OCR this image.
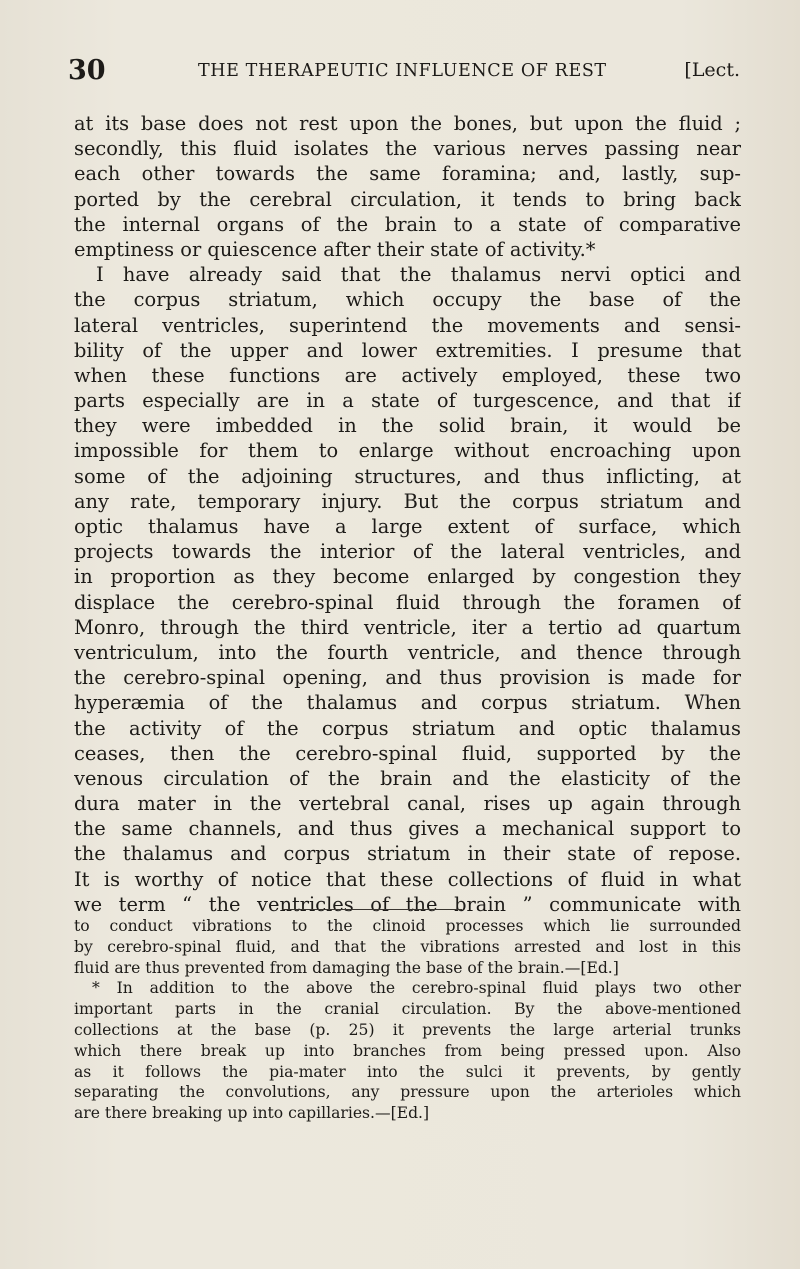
30	THE THERAPEUTIC INFLUENCE OF REST	[Lect.
at its base does not rest upon the bones, but upon the fluid ;
secondly, this fluid isolates the various nerves passing near
each other towards the same foramina; and, lastly, sup-
ported by the cerebral circulation, it tends to bring back
the internal organs of the brain to a state of comparative
emptiness or quiescence after their state of activity.*
I have already said that the thalamus nervi optici and
the corpus striatum, which occupy the base of the
lateral ventricles, superintend the movements and sensi-
bility of the upper and lower extremities. I presume that
when these functions are actively employed, these two
parts especially are in a state of turgescence, and that if
they were imbedded in the solid brain, it would be
impossible for them to enlarge without encroaching upon
some of the adjoining structures, and thus inflicting, at
any rate, temporary injury. But the corpus striatum and
optic thalamus have a large extent of surface, which
projects towards the interior of the lateral ventricles, and
in proportion as they become enlarged by congestion they
displace the cerebro-spinal fluid through the foramen of
Monro, through the third ventricle, iter a tertio ad quartum
ventriculum, into the fourth ventricle, and thence through
the cerebro-spinal opening, and thus provision is made for
hyperæmia of the thalamus and corpus striatum. When
the activity of the corpus striatum and optic thalamus
ceases, then the cerebro-spinal fluid, supported by the
venous circulation of the brain and the elasticity of the
dura mater in the vertebral canal, rises up again through
the same channels, and thus gives a mechanical support to
the thalamus and corpus striatum in their state of repose.
It is worthy of notice that these collections of fluid in what
we term “ the ventricles of the brain ” communicate with
to conduct vibrations to the clinoid processes which lie surrounded
by cerebro-spinal fluid, and that the vibrations arrested and lost in this
fluid are thus prevented from damaging the base of the brain.—[Ed.]
* In addition to the above the cerebro-spinal fluid plays two other
important parts in the cranial circulation. By the above-mentioned
collections at the base (p. 25) it prevents the large arterial trunks
which there break up into branches from being pressed upon. Also
as it follows the pia-mater into the sulci it prevents, by gently
separating the convolutions, any pressure upon the arterioles which
are there breaking up into capillaries.—[Ed.]
